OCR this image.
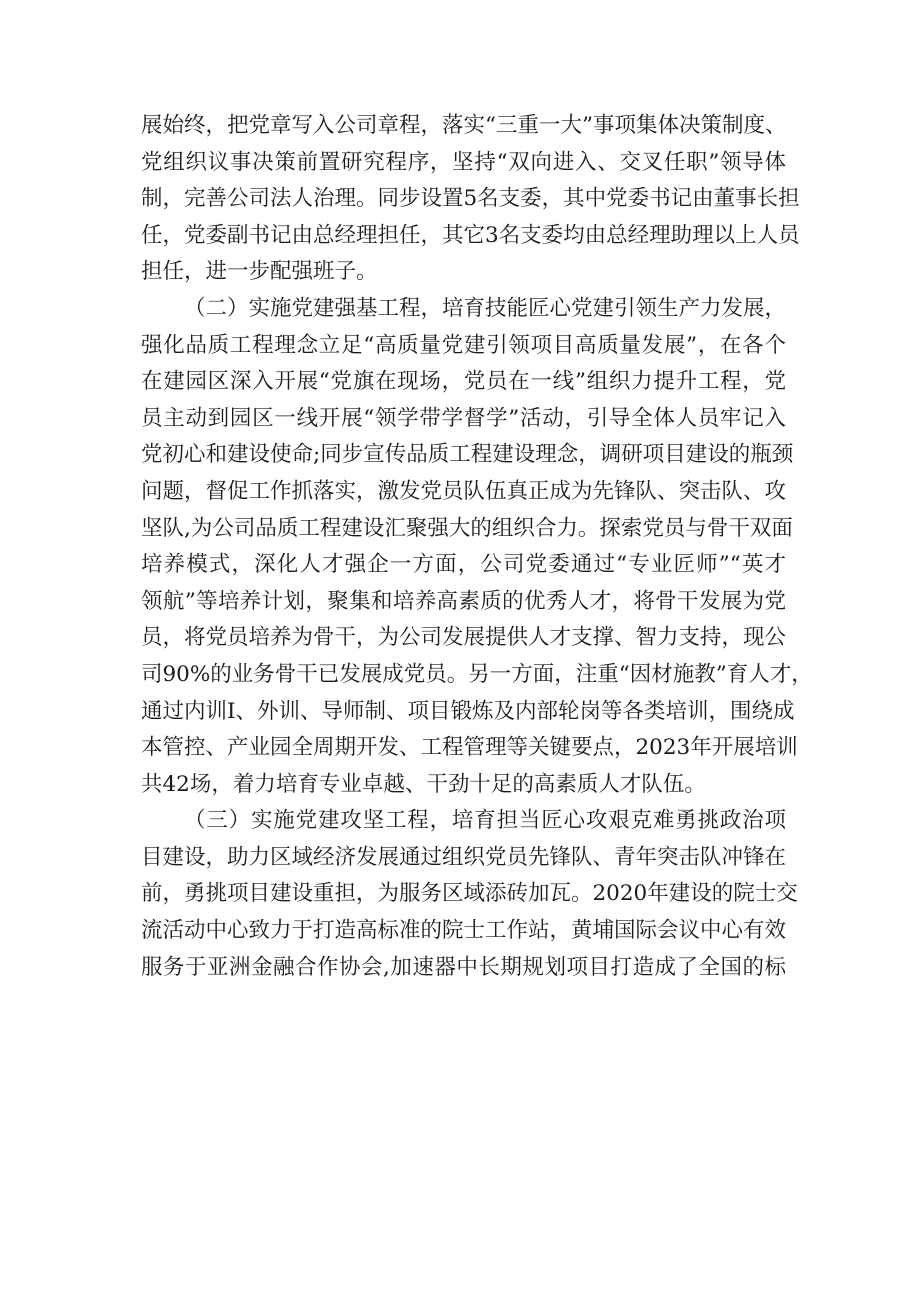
展始终，把党章写入公司章程，落实“三重一大”事项集体决策制度、
党组织议事决策前置研究程序，坚持“双向进入、交叉任职”领导体
制，完善公司法人治理。同步设置5名支委，其中党委书记由董事长担
任，党委副书记由总经理担任，其它3名支委均由总经理助理以上人员
担任，进一步配强班子。
（二）实施党建强基工程，培育技能匠心党建引领生产力发展，
强化品质工程理念立足“高质量党建引领项目高质量发展”，在各个
在建园区深入开展“党旗在现场，党员在一线”组织力提升工程，党
员主动到园区一线开展“领学带学督学”活动，引导全体人员牢记入
党初心和建设使命;同步宣传品质工程建设理念，调研项目建设的瓶颈
问题，督促工作抓落实，激发党员队伍真正成为先锋队、突击队、攻
坚队,为公司品质工程建设汇聚强大的组织合力。探索党员与骨干双面
培养模式，深化人才强企一方面，公司党委通过“专业匠师”“英才
领航”等培养计划，聚集和培养高素质的优秀人才，将骨干发展为党
员，将党员培养为骨干，为公司发展提供人才支撑、智力支持，现公
司90%的业务骨干已发展成党员。另一方面，注重“因材施教”育人才，
通过内训I、外训、导师制、项目锻炼及内部轮岗等各类培训，围绕成
本管控、产业园全周期开发、工程管理等关键要点，2023年开展培训
共42场，着力培育专业卓越、干劲十足的高素质人才队伍。
（三）实施党建攻坚工程，培育担当匠心攻艰克难勇挑政治项
目建设，助力区域经济发展通过组织党员先锋队、青年突击队冲锋在
前，勇挑项目建设重担，为服务区域添砖加瓦。2020年建设的院士交
流活动中心致力于打造高标准的院士工作站，黄埔国际会议中心有效
服务于亚洲金融合作协会,加速器中长期规划项目打造成了全国的标
